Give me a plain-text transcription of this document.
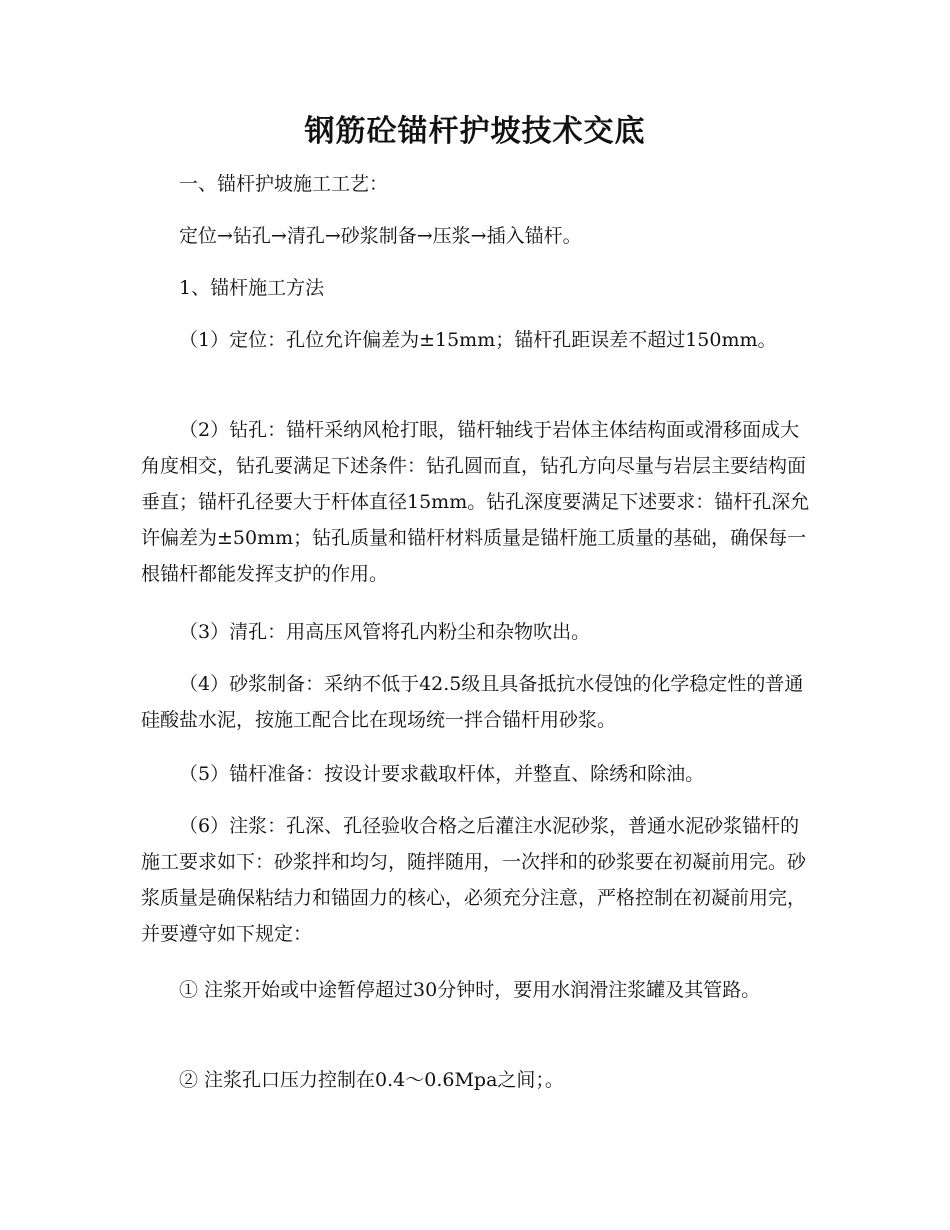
钢筋砼锚杆护坡技术交底

一、锚杆护坡施工工艺：

定位→钻孔→清孔→砂浆制备→压浆→插入锚杆。

1、锚杆施工方法

（1）定位：孔位允许偏差为±15mm；锚杆孔距误差不超过150mm。

（2）钻孔：锚杆采纳风枪打眼，锚杆轴线于岩体主体结构面或滑移面成大角度相交，钻孔要满足下述条件：钻孔圆而直，钻孔方向尽量与岩层主要结构面垂直；锚杆孔径要大于杆体直径15mm。钻孔深度要满足下述要求：锚杆孔深允许偏差为±50mm；钻孔质量和锚杆材料质量是锚杆施工质量的基础，确保每一根锚杆都能发挥支护的作用。

（3）清孔：用高压风管将孔内粉尘和杂物吹出。

（4）砂浆制备：采纳不低于42.5级且具备抵抗水侵蚀的化学稳定性的普通硅酸盐水泥，按施工配合比在现场统一拌合锚杆用砂浆。

（5）锚杆准备：按设计要求截取杆体，并整直、除绣和除油。

（6）注浆：孔深、孔径验收合格之后灌注水泥砂浆，普通水泥砂浆锚杆的施工要求如下：砂浆拌和均匀，随拌随用，一次拌和的砂浆要在初凝前用完。砂浆质量是确保粘结力和锚固力的核心，必须充分注意，严格控制在初凝前用完，并要遵守如下规定：

① 注浆开始或中途暂停超过30分钟时，要用水润滑注浆罐及其管路。

② 注浆孔口压力控制在0.4～0.6Mpa之间；。
